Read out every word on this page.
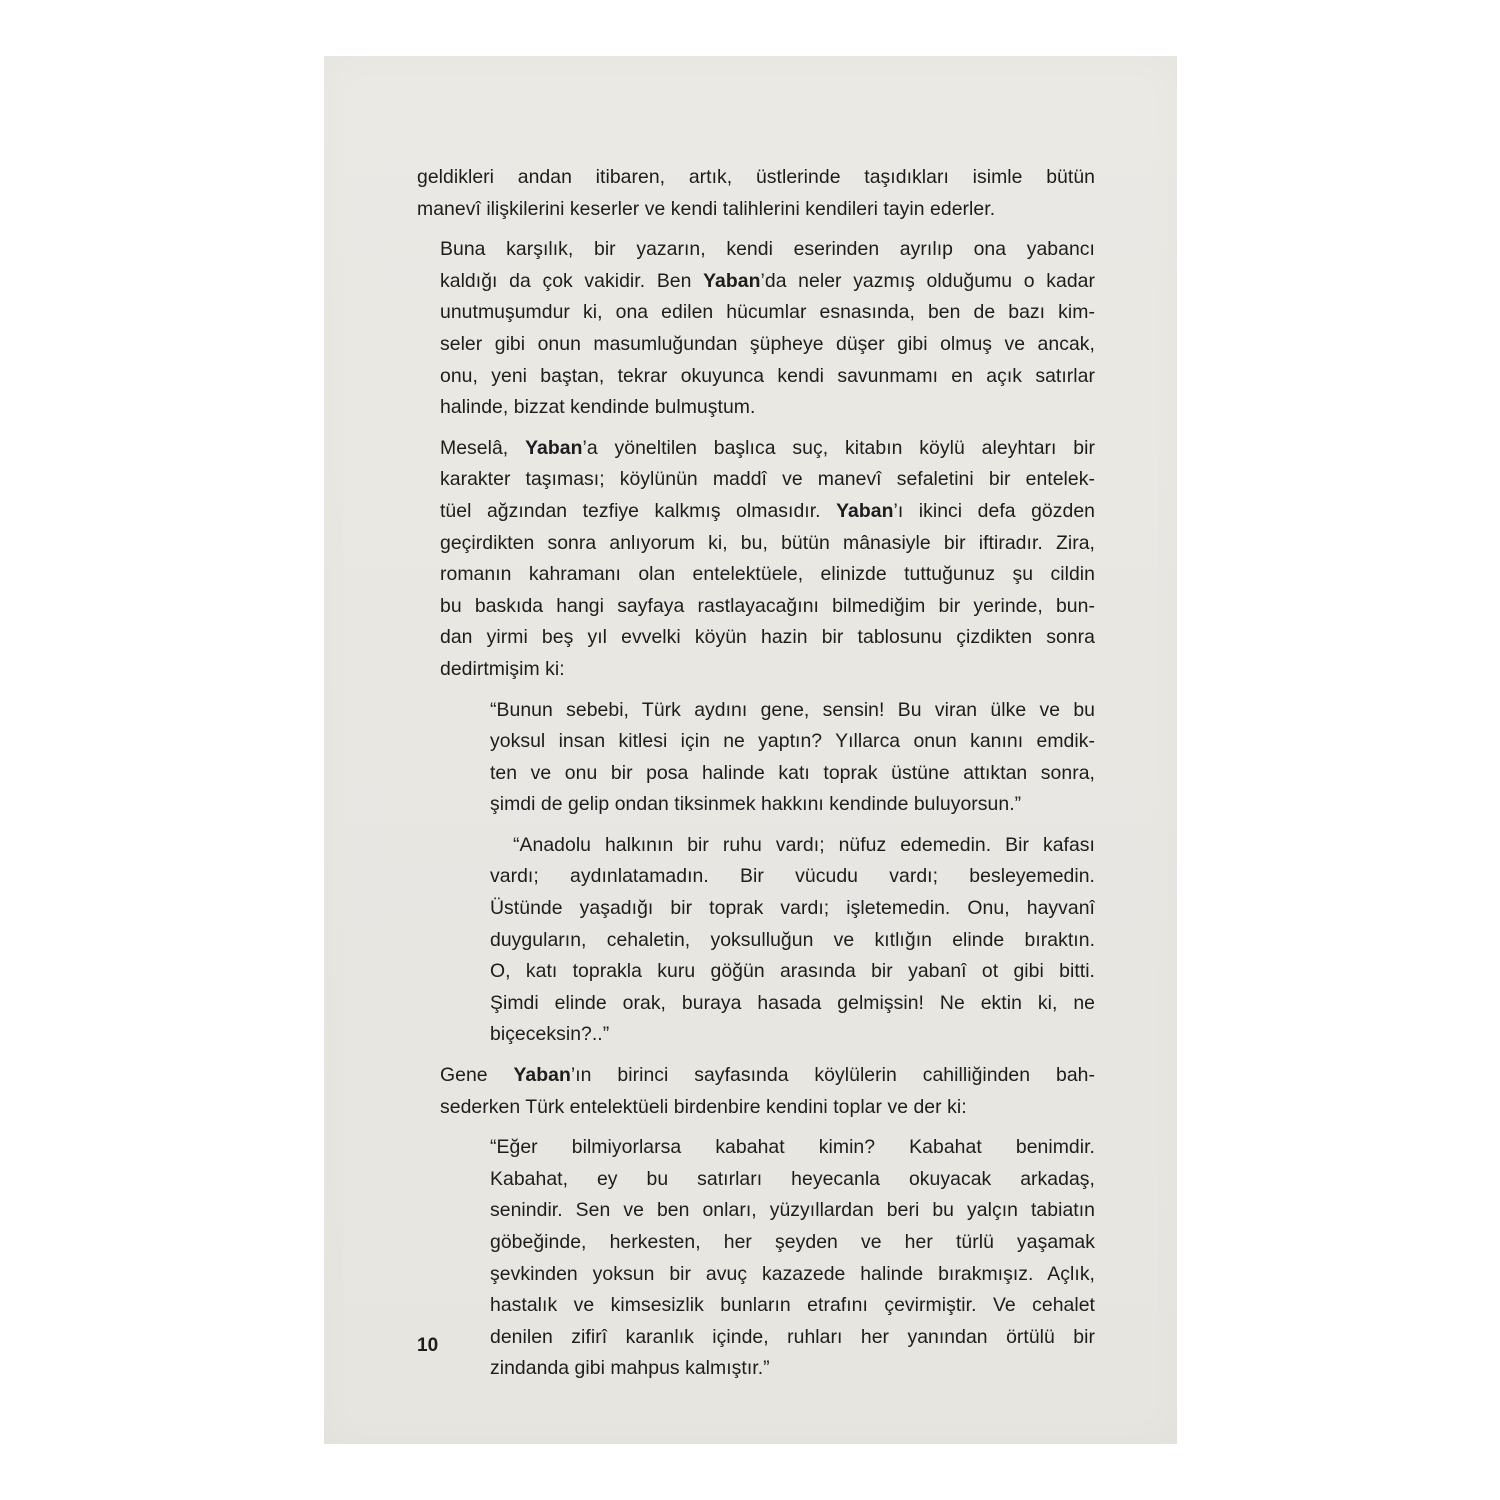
geldikleri andan itibaren, artık, üstlerinde taşıdıkları isimle bütün
manevî ilişkilerini keserler ve kendi talihlerini kendileri tayin ederler.

Buna karşılık, bir yazarın, kendi eserinden ayrılıp ona yabancı
kaldığı da çok vakidir. Ben Yaban’da neler yazmış olduğumu o kadar
unutmuşumdur ki, ona edilen hücumlar esnasında, ben de bazı kim-
seler gibi onun masumluğundan şüpheye düşer gibi olmuş ve ancak,
onu, yeni baştan, tekrar okuyunca kendi savunmamı en açık satırlar
halinde, bizzat kendinde bulmuştum.

Meselâ, Yaban’a yöneltilen başlıca suç, kitabın köylü aleyhtarı bir
karakter taşıması; köylünün maddî ve manevî sefaletini bir entelek-
tüel ağzından tezfiye kalkmış olmasıdır. Yaban’ı ikinci defa gözden
geçirdikten sonra anlıyorum ki, bu, bütün mânasiyle bir iftiradır. Zira,
romanın kahramanı olan entelektüele, elinizde tuttuğunuz şu cildin
bu baskıda hangi sayfaya rastlayacağını bilmediğim bir yerinde, bun-
dan yirmi beş yıl evvelki köyün hazin bir tablosunu çizdikten sonra
dedirtmişim ki:

“Bunun sebebi, Türk aydını gene, sensin! Bu viran ülke ve bu
yoksul insan kitlesi için ne yaptın? Yıllarca onun kanını emdik-
ten ve onu bir posa halinde katı toprak üstüne attıktan sonra,
şimdi de gelip ondan tiksinmek hakkını kendinde buluyorsun.”
“Anadolu halkının bir ruhu vardı; nüfuz edemedin. Bir kafası
vardı; aydınlatamadın. Bir vücudu vardı; besleyemedin.
Üstünde yaşadığı bir toprak vardı; işletemedin. Onu, hayvanî
duyguların, cehaletin, yoksulluğun ve kıtlığın elinde bıraktın.
O, katı toprakla kuru göğün arasında bir yabanî ot gibi bitti.
Şimdi elinde orak, buraya hasada gelmişsin! Ne ektin ki, ne
biçeceksin?..”

Gene Yaban’ın birinci sayfasında köylülerin cahilliğinden bah-
sederken Türk entelektüeli birdenbire kendini toplar ve der ki:

“Eğer bilmiyorlarsa kabahat kimin? Kabahat benimdir.
Kabahat, ey bu satırları heyecanla okuyacak arkadaş,
senindir. Sen ve ben onları, yüzyıllardan beri bu yalçın tabiatın
göbeğinde, herkesten, her şeyden ve her türlü yaşamak
şevkinden yoksun bir avuç kazazede halinde bırakmışız. Açlık,
hastalık ve kimsesizlik bunların etrafını çevirmiştir. Ve cehalet
denilen zifirî karanlık içinde, ruhları her yanından örtülü bir
zindanda gibi mahpus kalmıştır.”
10
